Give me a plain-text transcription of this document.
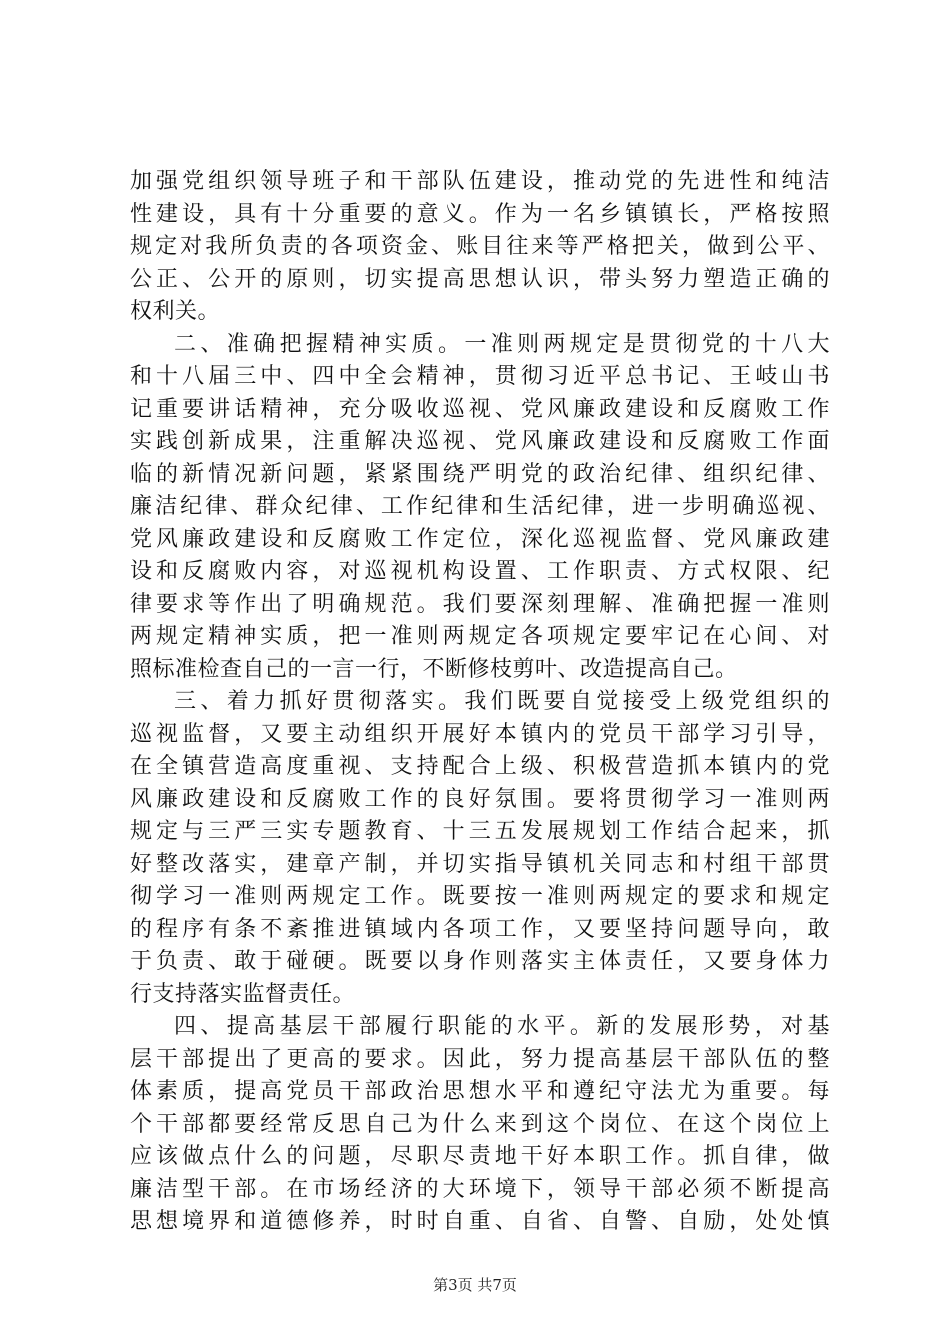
加强党组织领导班子和干部队伍建设，推动党的先进性和纯洁
性建设，具有十分重要的意义。作为一名乡镇镇长，严格按照
规定对我所负责的各项资金、账目往来等严格把关，做到公平、
公正、公开的原则，切实提高思想认识，带头努力塑造正确的
权利关。
二、准确把握精神实质。一准则两规定是贯彻党的十八大
和十八届三中、四中全会精神，贯彻习近平总书记、王岐山书
记重要讲话精神，充分吸收巡视、党风廉政建设和反腐败工作
实践创新成果，注重解决巡视、党风廉政建设和反腐败工作面
临的新情况新问题，紧紧围绕严明党的政治纪律、组织纪律、
廉洁纪律、群众纪律、工作纪律和生活纪律，进一步明确巡视、
党风廉政建设和反腐败工作定位，深化巡视监督、党风廉政建
设和反腐败内容，对巡视机构设置、工作职责、方式权限、纪
律要求等作出了明确规范。我们要深刻理解、准确把握一准则
两规定精神实质，把一准则两规定各项规定要牢记在心间、对
照标准检查自己的一言一行，不断修枝剪叶、改造提高自己。
三、着力抓好贯彻落实。我们既要自觉接受上级党组织的
巡视监督，又要主动组织开展好本镇内的党员干部学习引导，
在全镇营造高度重视、支持配合上级、积极营造抓本镇内的党
风廉政建设和反腐败工作的良好氛围。要将贯彻学习一准则两
规定与三严三实专题教育、十三五发展规划工作结合起来，抓
好整改落实，建章产制，并切实指导镇机关同志和村组干部贯
彻学习一准则两规定工作。既要按一准则两规定的要求和规定
的程序有条不紊推进镇域内各项工作，又要坚持问题导向，敢
于负责、敢于碰硬。既要以身作则落实主体责任，又要身体力
行支持落实监督责任。
四、提高基层干部履行职能的水平。新的发展形势，对基
层干部提出了更高的要求。因此，努力提高基层干部队伍的整
体素质，提高党员干部政治思想水平和遵纪守法尤为重要。每
个干部都要经常反思自己为什么来到这个岗位、在这个岗位上
应该做点什么的问题，尽职尽责地干好本职工作。抓自律，做
廉洁型干部。在市场经济的大环境下，领导干部必须不断提高
思想境界和道德修养，时时自重、自省、自警、自励，处处慎
第3页 共7页
